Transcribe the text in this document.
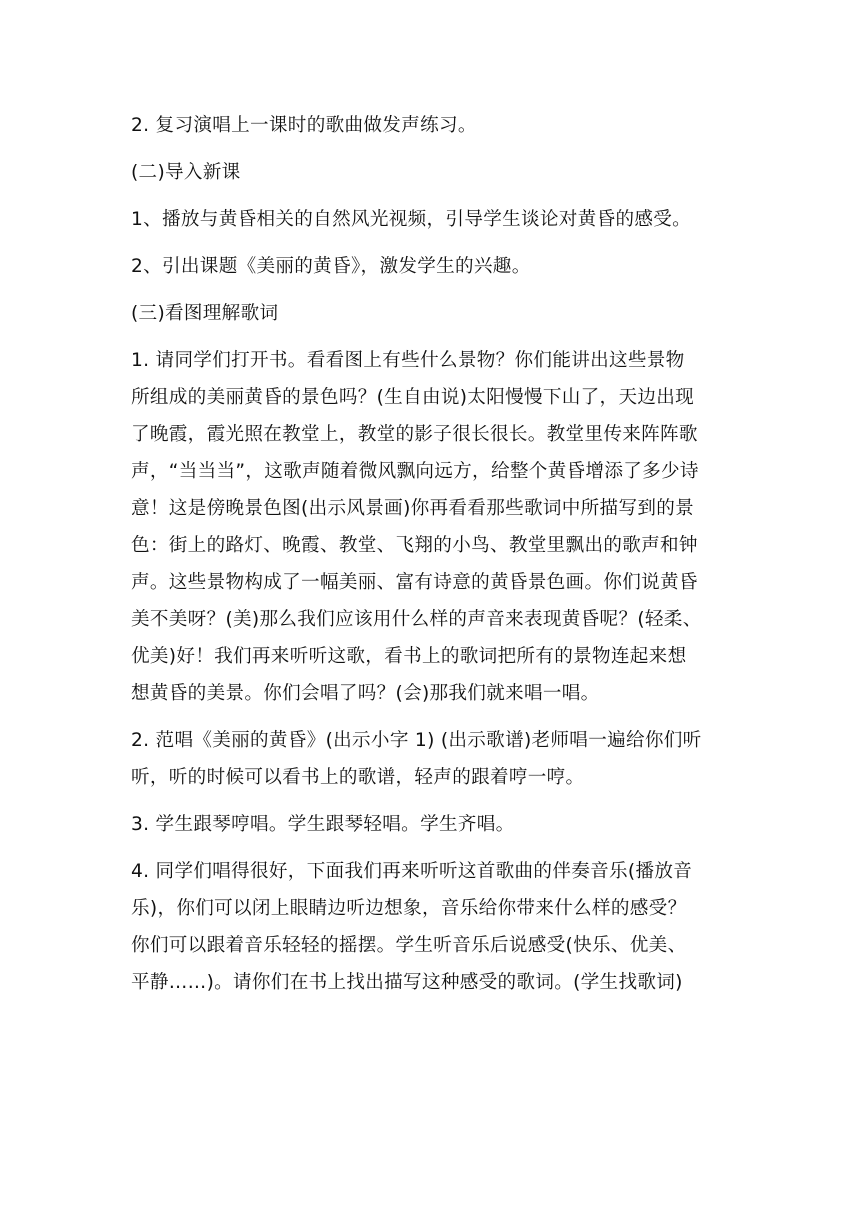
2. 复习演唱上一课时的歌曲做发声练习。
(二)导入新课
1、播放与黄昏相关的自然风光视频，引导学生谈论对黄昏的感受。
2、引出课题《美丽的黄昏》，激发学生的兴趣。
(三)看图理解歌词
1. 请同学们打开书。看看图上有些什么景物？你们能讲出这些景物
所组成的美丽黄昏的景色吗？(生自由说)太阳慢慢下山了，天边出现
了晚霞，霞光照在教堂上，教堂的影子很长很长。教堂里传来阵阵歌
声，“当当当”，这歌声随着微风飘向远方，给整个黄昏增添了多少诗
意！这是傍晚景色图(出示风景画)你再看看那些歌词中所描写到的景
色：街上的路灯、晚霞、教堂、飞翔的小鸟、教堂里飘出的歌声和钟
声。这些景物构成了一幅美丽、富有诗意的黄昏景色画。你们说黄昏
美不美呀？(美)那么我们应该用什么样的声音来表现黄昏呢？(轻柔、
优美)好！我们再来听听这歌，看书上的歌词把所有的景物连起来想
想黄昏的美景。你们会唱了吗？(会)那我们就来唱一唱。
2. 范唱《美丽的黄昏》(出示小字 1) (出示歌谱)老师唱一遍给你们听
听，听的时候可以看书上的歌谱，轻声的跟着哼一哼。
3. 学生跟琴哼唱。学生跟琴轻唱。学生齐唱。
4. 同学们唱得很好，下面我们再来听听这首歌曲的伴奏音乐(播放音
乐)，你们可以闭上眼睛边听边想象，音乐给你带来什么样的感受？
你们可以跟着音乐轻轻的摇摆。学生听音乐后说感受(快乐、优美、
平静……)。请你们在书上找出描写这种感受的歌词。(学生找歌词)
